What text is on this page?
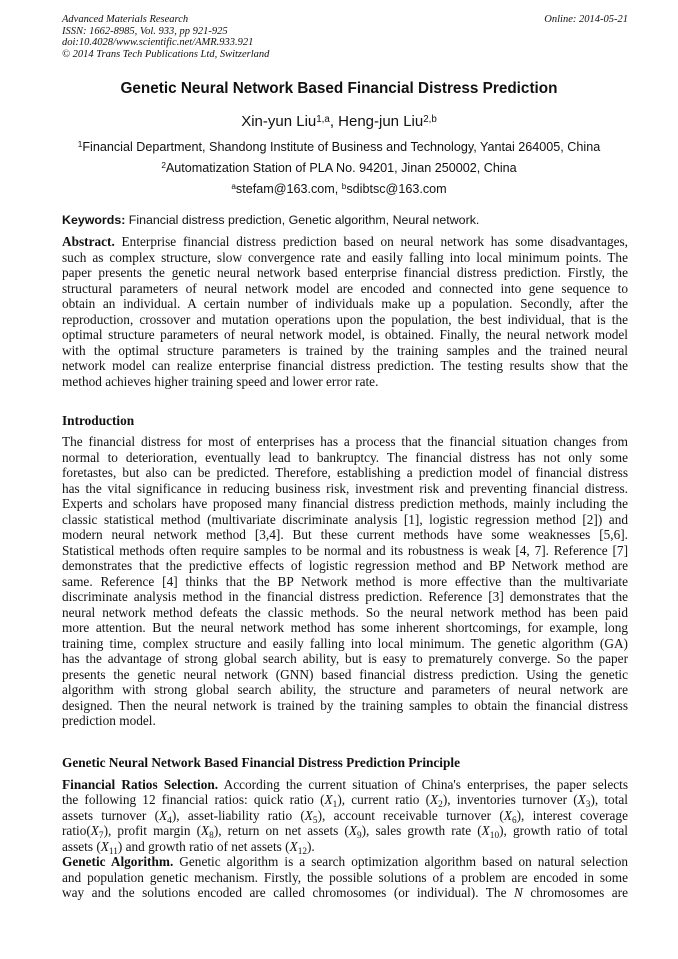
Advanced Materials Research	Online: 2014-05-21
ISSN: 1662-8985, Vol. 933, pp 921-925
doi:10.4028/www.scientific.net/AMR.933.921
© 2014 Trans Tech Publications Ltd, Switzerland
Genetic Neural Network Based Financial Distress Prediction
Xin-yun Liu$^{1,a}$, Heng-jun Liu$^{2,b}$
$^1$Financial Department, Shandong Institute of Business and Technology, Yantai 264005, China
$^2$Automatization Station of PLA No. 94201, Jinan 250002, China
$^a$stefam@163.com, $^b$sdibtsc@163.com
Keywords: Financial distress prediction, Genetic algorithm, Neural network.
Abstract. Enterprise financial distress prediction based on neural network has some disadvantages,
such as complex structure, slow convergence rate and easily falling into local minimum points. The
paper presents the genetic neural network based enterprise financial distress prediction. Firstly, the
structural parameters of neural network model are encoded and connected into gene sequence to
obtain an individual. A certain number of individuals make up a population. Secondly, after the
reproduction, crossover and mutation operations upon the population, the best individual, that is the
optimal structure parameters of neural network model, is obtained. Finally, the neural network model
with the optimal structure parameters is trained by the training samples and the trained neural
network model can realize enterprise financial distress prediction. The testing results show that the
method achieves higher training speed and lower error rate.
Introduction
The financial distress for most of enterprises has a process that the financial situation changes from
normal to deterioration, eventually lead to bankruptcy. The financial distress has not only some
foretastes, but also can be predicted. Therefore, establishing a prediction model of financial distress
has the vital significance in reducing business risk, investment risk and preventing financial distress.
Experts and scholars have proposed many financial distress prediction methods, mainly including the
classic statistical method (multivariate discriminate analysis [1], logistic regression method [2]) and
modern neural network method [3,4]. But these current methods have some weaknesses [5,6].
Statistical methods often require samples to be normal and its robustness is weak [4, 7]. Reference [7]
demonstrates that the predictive effects of logistic regression method and BP Network method are
same. Reference [4] thinks that the BP Network method is more effective than the multivariate
discriminate analysis method in the financial distress prediction. Reference [3] demonstrates that the
neural network method defeats the classic methods. So the neural network method has been paid
more attention. But the neural network method has some inherent shortcomings, for example, long
training time, complex structure and easily falling into local minimum. The genetic algorithm (GA)
has the advantage of strong global search ability, but is easy to prematurely converge. So the paper
presents the genetic neural network (GNN) based financial distress prediction. Using the genetic
algorithm with strong global search ability, the structure and parameters of neural network are
designed. Then the neural network is trained by the training samples to obtain the financial distress
prediction model.
Genetic Neural Network Based Financial Distress Prediction Principle
Financial Ratios Selection. According the current situation of China's enterprises, the paper selects
the following 12 financial ratios: quick ratio $(X_1)$, current ratio $(X_2)$, inventories turnover $(X_3)$, total
assets turnover $(X_4)$, asset-liability ratio $(X_5)$, account receivable turnover $(X_6)$, interest coverage
$ratio(X_7)$, profit margin $(X_8)$, return on net assets $(X_9)$, sales growth rate $(X_{10})$, growth ratio of total
assets $(X_{11})$ and growth ratio of net assets $(X_{12})$.
Genetic Algorithm. Genetic algorithm is a search optimization algorithm based on natural selection
and population genetic mechanism. Firstly, the possible solutions of a problem are encoded in some
way and the solutions encoded are called chromosomes (or individual). The N chromosomes are
